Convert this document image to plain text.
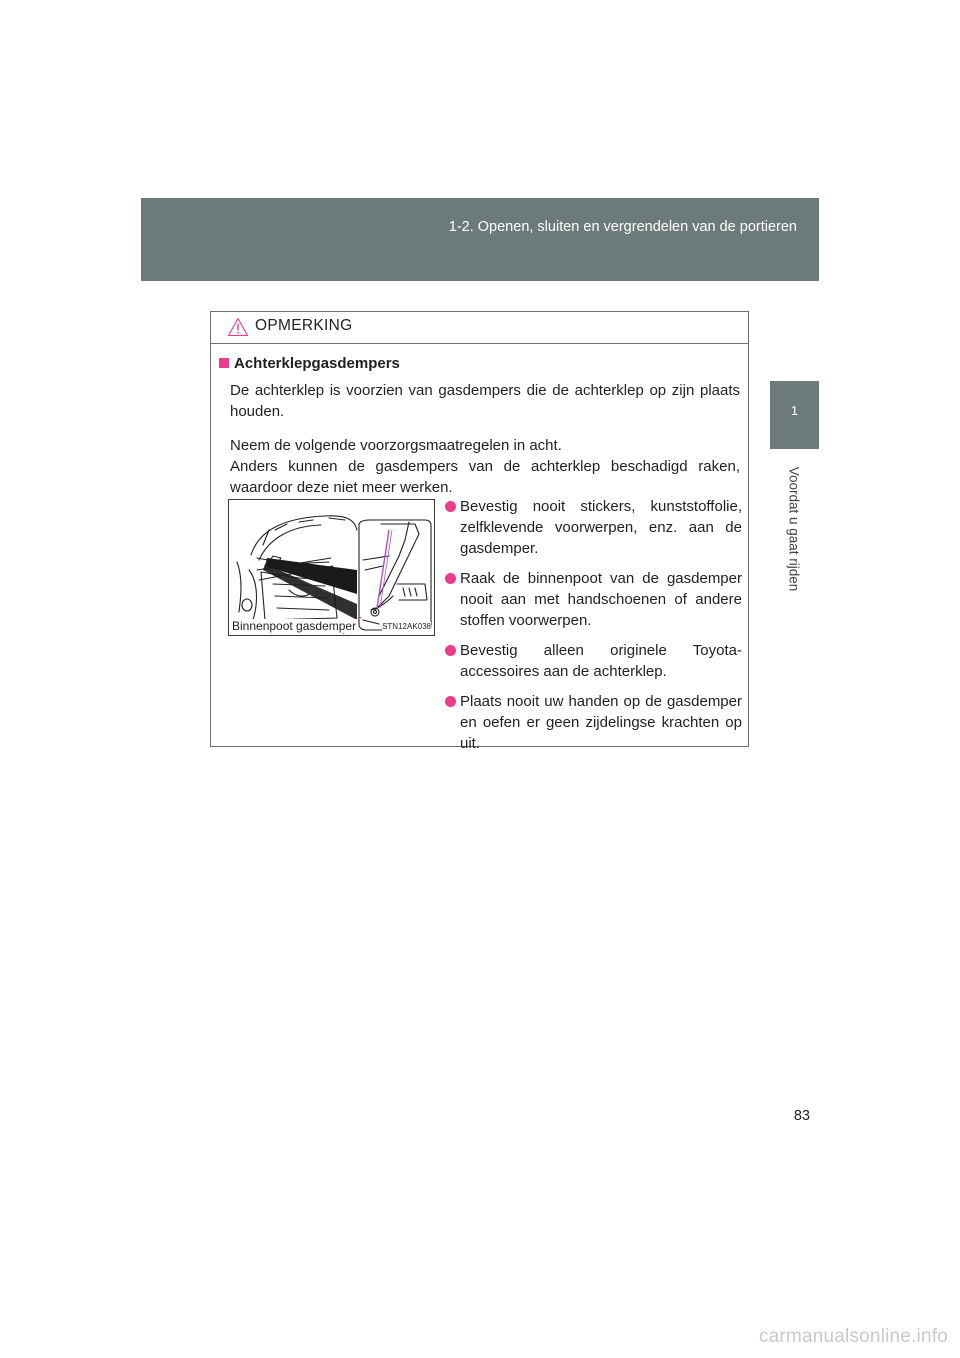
1-2. Openen, sluiten en vergrendelen van de portieren
1
Voordat u gaat rijden
OPMERKING
Achterklepgasdempers
De achterklep is voorzien van gasdempers die de achterklep op zijn plaats houden.
Neem de volgende voorzorgsmaatregelen in acht.
Anders kunnen de gasdempers van de achterklep beschadigd raken, waardoor deze niet meer werken.
Binnenpoot gasdemper	STN12AK038
Bevestig nooit stickers, kunststoffolie, zelfklevende voorwerpen, enz. aan de gasdemper.
Raak de binnenpoot van de gasdemper nooit aan met handschoenen of andere stoffen voorwerpen.
Bevestig alleen originele Toyota-accessoires aan de achterklep.
Plaats nooit uw handen op de gasdemper en oefen er geen zijdelingse krachten op uit.
83
carmanualsonline.info
